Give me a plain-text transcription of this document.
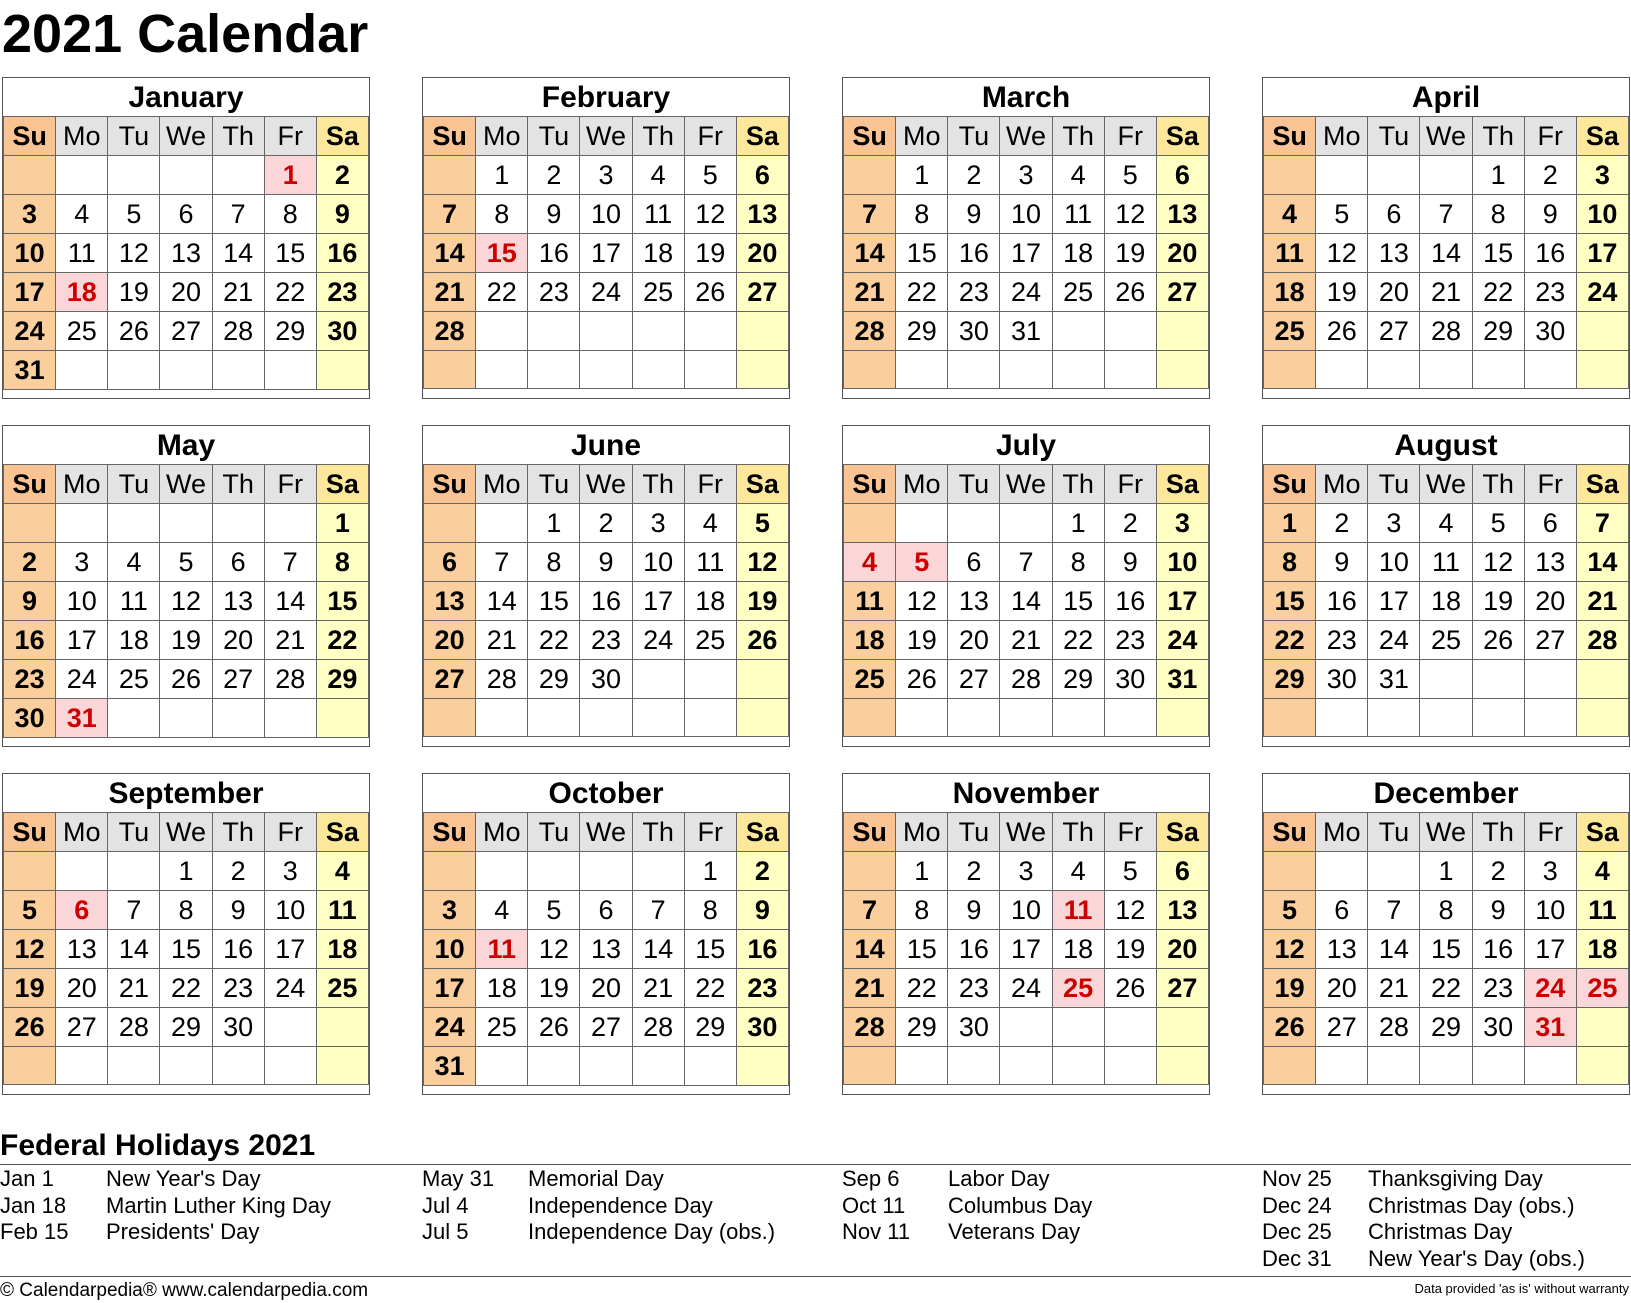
2021 Calendar
January
Su	Mo	Tu	We	Th	Fr	Sa
					1	2
3	4	5	6	7	8	9
10	11	12	13	14	15	16
17	18	19	20	21	22	23
24	25	26	27	28	29	30
31						
February
Su	Mo	Tu	We	Th	Fr	Sa
	1	2	3	4	5	6
7	8	9	10	11	12	13
14	15	16	17	18	19	20
21	22	23	24	25	26	27
28						

March
Su	Mo	Tu	We	Th	Fr	Sa
	1	2	3	4	5	6
7	8	9	10	11	12	13
14	15	16	17	18	19	20
21	22	23	24	25	26	27
28	29	30	31			

April
Su	Mo	Tu	We	Th	Fr	Sa
				1	2	3
4	5	6	7	8	9	10
11	12	13	14	15	16	17
18	19	20	21	22	23	24
25	26	27	28	29	30	

May
Su	Mo	Tu	We	Th	Fr	Sa
						1
2	3	4	5	6	7	8
9	10	11	12	13	14	15
16	17	18	19	20	21	22
23	24	25	26	27	28	29
30	31					
June
Su	Mo	Tu	We	Th	Fr	Sa
		1	2	3	4	5
6	7	8	9	10	11	12
13	14	15	16	17	18	19
20	21	22	23	24	25	26
27	28	29	30			

July
Su	Mo	Tu	We	Th	Fr	Sa
				1	2	3
4	5	6	7	8	9	10
11	12	13	14	15	16	17
18	19	20	21	22	23	24
25	26	27	28	29	30	31

August
Su	Mo	Tu	We	Th	Fr	Sa
1	2	3	4	5	6	7
8	9	10	11	12	13	14
15	16	17	18	19	20	21
22	23	24	25	26	27	28
29	30	31				

September
Su	Mo	Tu	We	Th	Fr	Sa
			1	2	3	4
5	6	7	8	9	10	11
12	13	14	15	16	17	18
19	20	21	22	23	24	25
26	27	28	29	30		

October
Su	Mo	Tu	We	Th	Fr	Sa
					1	2
3	4	5	6	7	8	9
10	11	12	13	14	15	16
17	18	19	20	21	22	23
24	25	26	27	28	29	30
31						
November
Su	Mo	Tu	We	Th	Fr	Sa
	1	2	3	4	5	6
7	8	9	10	11	12	13
14	15	16	17	18	19	20
21	22	23	24	25	26	27
28	29	30				

December
Su	Mo	Tu	We	Th	Fr	Sa
			1	2	3	4
5	6	7	8	9	10	11
12	13	14	15	16	17	18
19	20	21	22	23	24	25
26	27	28	29	30	31	

Federal Holidays 2021
Jan 1 New Year's Day
Jan 18 Martin Luther King Day
Feb 15 Presidents' Day
May 31 Memorial Day
Jul 4	Independence Day
Jul 5	Independence Day (obs.)
Sep 6 Labor Day
Oct 11 Columbus Day
Nov 11 Veterans Day
Nov 25 Thanksgiving Day
Dec 24 Christmas Day (obs.)
Dec 25 Christmas Day
Dec 31 New Year's Day (obs.)
© Calendarpedia® www.calendarpedia.com	Data provided 'as is' without warranty
